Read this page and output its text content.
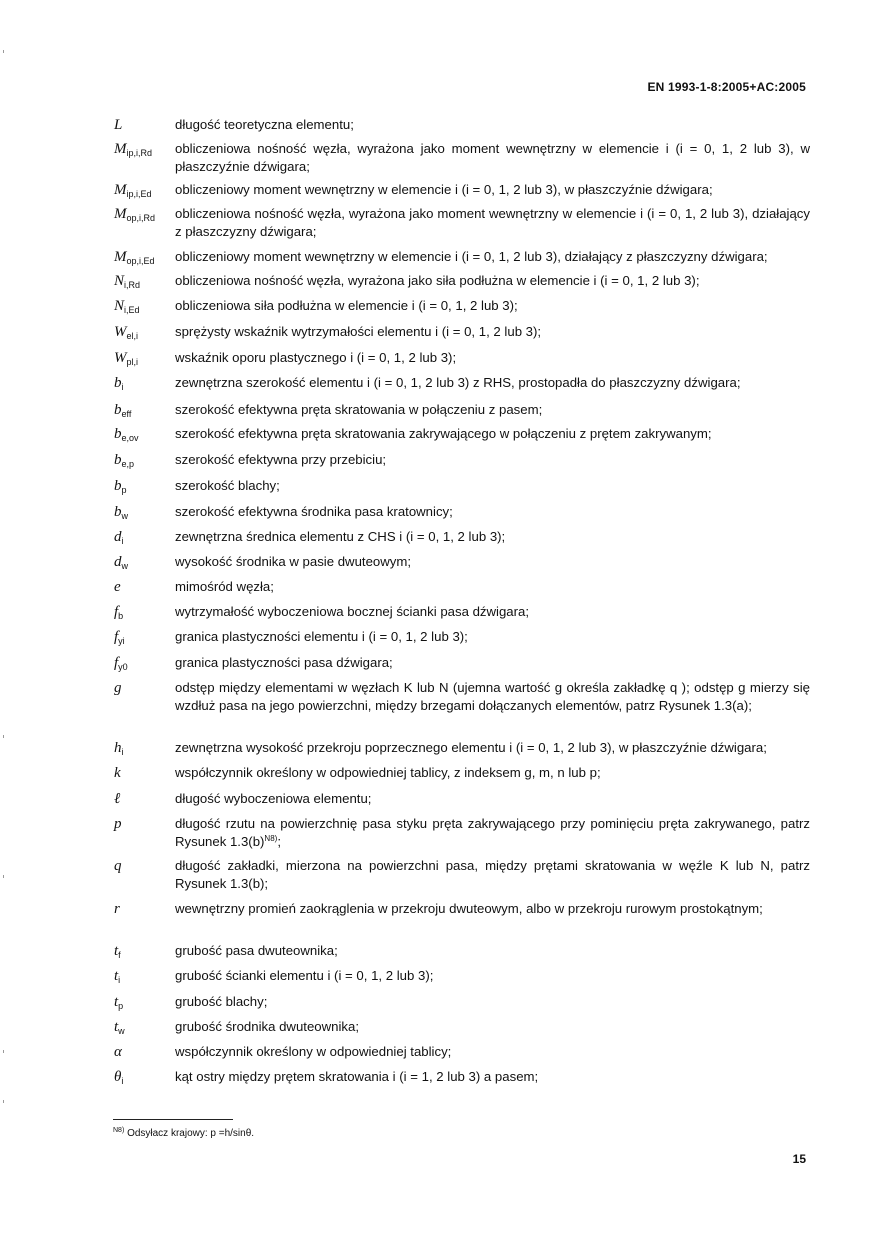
EN 1993-1-8:2005+AC:2005
L	długość teoretyczna elementu;
$M_{ip,i,Rd}$	obliczeniowa nośność węzła, wyrażona jako moment wewnętrzny w elemencie i (i = 0, 1, 2 lub 3), w płaszczyźnie dźwigara;
$M_{ip,i,Ed}$	obliczeniowy moment wewnętrzny w elemencie i (i = 0, 1, 2 lub 3), w płaszczyźnie dźwigara;
$M_{op,i,Rd}$	obliczeniowa nośność węzła, wyrażona jako moment wewnętrzny w elemencie i (i = 0, 1, 2 lub 3), działający z płaszczyzny dźwigara;
$M_{op,i,Ed}$	obliczeniowy moment wewnętrzny w elemencie i (i = 0, 1, 2 lub 3), działający z płaszczyzny dźwigara;
$N_{i,Rd}$	obliczeniowa nośność węzła, wyrażona jako siła podłużna w elemencie i (i = 0, 1, 2 lub 3);
$N_{i,Ed}$	obliczeniowa siła podłużna w elemencie i (i = 0, 1, 2 lub 3);
$W_{el,i}$	sprężysty wskaźnik wytrzymałości elementu i (i = 0, 1, 2 lub 3);
$W_{pl,i}$	wskaźnik oporu plastycznego i (i = 0, 1, 2 lub 3);
$b_i$	zewnętrzna szerokość elementu i (i = 0, 1, 2 lub 3) z RHS, prostopadła do płaszczyzny dźwigara;
$b_{eff}$	szerokość efektywna pręta skratowania w połączeniu z pasem;
$b_{e,ov}$	szerokość efektywna pręta skratowania zakrywającego w połączeniu z prętem zakrywanym;
$b_{e,p}$	szerokość efektywna przy przebiciu;
$b_p$	szerokość blachy;
$b_w$	szerokość efektywna środnika pasa kratownicy;
$d_i$	zewnętrzna średnica elementu z CHS i (i = 0, 1, 2 lub 3);
$d_w$	wysokość środnika w pasie dwuteowym;
e	mimośród węzła;
$f_b$	wytrzymałość wyboczeniowa bocznej ścianki pasa dźwigara;
$f_{yi}$	granica plastyczności elementu i (i = 0, 1, 2 lub 3);
$f_{y0}$	granica plastyczności pasa dźwigara;
g	odstęp między elementami w węzłach K lub N (ujemna wartość g określa zakładkę q ); odstęp g mierzy się wzdłuż pasa na jego powierzchni, między brzegami dołączanych elementów, patrz Rysunek 1.3(a);
$h_i$	zewnętrzna wysokość przekroju poprzecznego elementu i (i = 0, 1, 2 lub 3), w płaszczyźnie dźwigara;
k	współczynnik określony w odpowiedniej tablicy, z indeksem g, m, n lub p;
ℓ	długość wyboczeniowa elementu;
p	długość rzutu na powierzchnię pasa styku pręta zakrywającego przy pominięciu pręta zakrywanego, patrz Rysunek $1.3(b)^{N8)}$;
q	długość zakładki, mierzona na powierzchni pasa, między prętami skratowania w węźle K lub N, patrz Rysunek 1.3(b);
r	wewnętrzny promień zaokrąglenia w przekroju dwuteowym, albo w przekroju rurowym prostokątnym;
$t_f$	grubość pasa dwuteownika;
$t_i$	grubość ścianki elementu i (i = 0, 1, 2 lub 3);
$t_p$	grubość blachy;
$t_w$	grubość środnika dwuteownika;
α	współczynnik określony w odpowiedniej tablicy;
$\theta_i$	kąt ostry między prętem skratowania i (i = 1, 2 lub 3) a pasem;
$^{N8)}$ Odsyłacz krajowy: p =h/sinθ.
15
